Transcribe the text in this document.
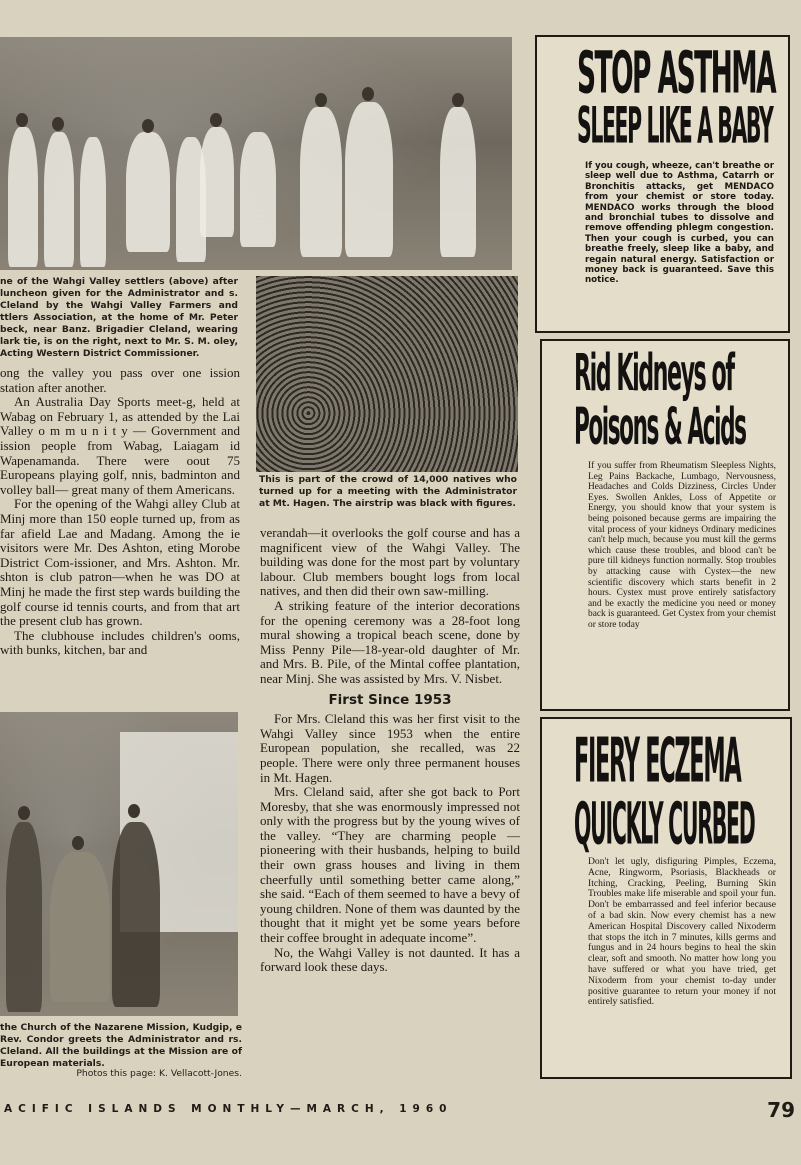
ne of the Wahgi Valley settlers (above) after luncheon given for the Administrator and s. Cleland by the Wahgi Valley Farmers and ttlers Association, at the home of Mr. Peter beck, near Banz. Brigadier Cleland, wearing lark tie, is on the right, next to Mr. S. M. oley, Acting Western District Commissioner.
This is part of the crowd of 14,000 natives who turned up for a meeting with the Administrator at Mt. Hagen. The airstrip was black with figures.

ong the valley you pass over one ission station after another.

An Australia Day Sports meet-g, held at Wabag on February 1, as attended by the Lai Valley o m m u n i t y — Government and ission people from Wabag, Laiagam id Wapenamanda. There were oout 75 Europeans playing golf, nnis, badminton and volley ball— great many of them Americans.

For the opening of the Wahgi alley Club at Minj more than 150 eople turned up, from as far afield Lae and Madang. Among the ie visitors were Mr. Des Ashton, eting Morobe District Com-issioner, and Mrs. Ashton. Mr. shton is club patron—when he was DO at Minj he made the first step wards building the golf course id tennis courts, and from that art the present club has grown.

The clubhouse includes children's ooms, with bunks, kitchen, bar and

the Church of the Nazarene Mission, Kudgip, e Rev. Condor greets the Administrator and rs. Cleland. All the buildings at the Mission are of European materials.
Photos this page: K. Vellacott-Jones.

verandah—it overlooks the golf course and has a magnificent view of the Wahgi Valley. The building was done for the most part by voluntary labour. Club members bought logs from local natives, and then did their own saw-milling.

A striking feature of the interior decorations for the opening ceremony was a 28-foot long mural showing a tropical beach scene, done by Miss Penny Pile—18-year-old daughter of Mr. and Mrs. B. Pile, of the Mintal coffee plantation, near Minj. She was assisted by Mrs. V. Nisbet.

First Since 1953

For Mrs. Cleland this was her first visit to the Wahgi Valley since 1953 when the entire European population, she recalled, was 22 people. There were only three permanent houses in Mt. Hagen.

Mrs. Cleland said, after she got back to Port Moresby, that she was enormously impressed not only with the progress but by the young wives of the valley. “They are charming people — pioneering with their husbands, helping to build their own grass houses and living in them cheerfully until something better came along,” she said. “Each of them seemed to have a bevy of young children. None of them was daunted by the thought that it might yet be some years before their coffee brought in adequate income”.

No, the Wahgi Valley is not daunted. It has a forward look these days.

STOP ASTHMA
SLEEP LIKE A BABY
If you cough, wheeze, can't breathe or sleep well due to Asthma, Catarrh or Bronchitis attacks, get MENDACO from your chemist or store today. MENDACO works through the blood and bronchial tubes to dissolve and remove offending phlegm congestion. Then your cough is curbed, you can breathe freely, sleep like a baby, and regain natural energy. Satisfaction or money back is guaranteed. Save this notice.
Rid Kidneys of
Poisons & Acids
If you suffer from Rheumatism Sleepless Nights, Leg Pains Backache, Lumbago, Nervousness, Headaches and Colds Dizziness, Circles Under Eyes. Swollen Ankles, Loss of Appetite or Energy, you should know that your system is being poisoned because germs are impairing the vital process of your kidneys Ordinary medicines can't help much, because you must kill the germs which cause these troubles, and blood can't be pure till kidneys function normally. Stop troubles by attacking cause with Cystex—the new scientific discovery which starts benefit in 2 hours. Cystex must prove entirely satisfactory and be exactly the medicine you need or money back is guaranteed. Get Cystex from your chemist or store today
FIERY ECZEMA
QUICKLY CURBED
Don't let ugly, disfiguring Pimples, Eczema, Acne, Ringworm, Psoriasis, Blackheads or Itching, Cracking, Peeling, Burning Skin Troubles make life miserable and spoil your fun. Don't be embarrassed and feel inferior because of a bad skin. Now every chemist has a new American Hospital Discovery called Nixoderm that stops the itch in 7 minutes, kills germs and fungus and in 24 hours begins to heal the skin clear, soft and smooth. No matter how long you have suffered or what you have tried, get Nixoderm from your chemist to-day under positive guarantee to return your money if not entirely satisfied.
ACIFIC ISLANDS MONTHLY—MARCH, 1960	79
